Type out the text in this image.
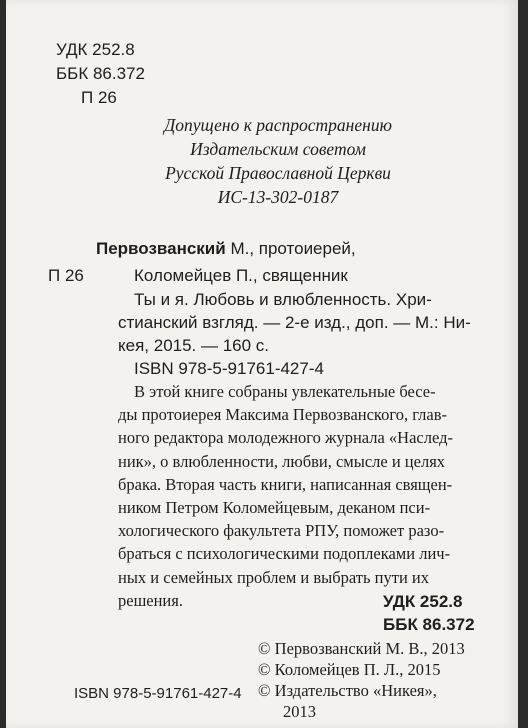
УДК 252.8
ББК 86.372
П 26
Допущено к распространению
Издательским советом
Русской Православной Церкви
ИС-13-302-0187
Первозванский М., протоиерей,
П 26	Коломейцев П., священник
Ты и я. Любовь и влюбленность. Хри-
стианский взгляд. — 2-е изд., доп. — М.: Ни-
кея, 2015. — 160 с.
ISBN 978-5-91761-427-4
В этой книге собраны увлекательные бесе-
ды протоиерея Максима Первозванского, глав-
ного редактора молодежного журнала «Наслед-
ник», о влюбленности, любви, смысле и целях
брака. Вторая часть книги, написанная священ-
ником Петром Коломейцевым, деканом пси-
хологического факультета РПУ, поможет разо-
браться с психологическими подоплеками лич-
ных и семейных проблем и выбрать пути их
решения.	УДК 252.8
ББК 86.372
© Первозванский М. В., 2013
© Коломейцев П. Л., 2015
© Издательство «Никея»,
2013
ISBN 978-5-91761-427-4
